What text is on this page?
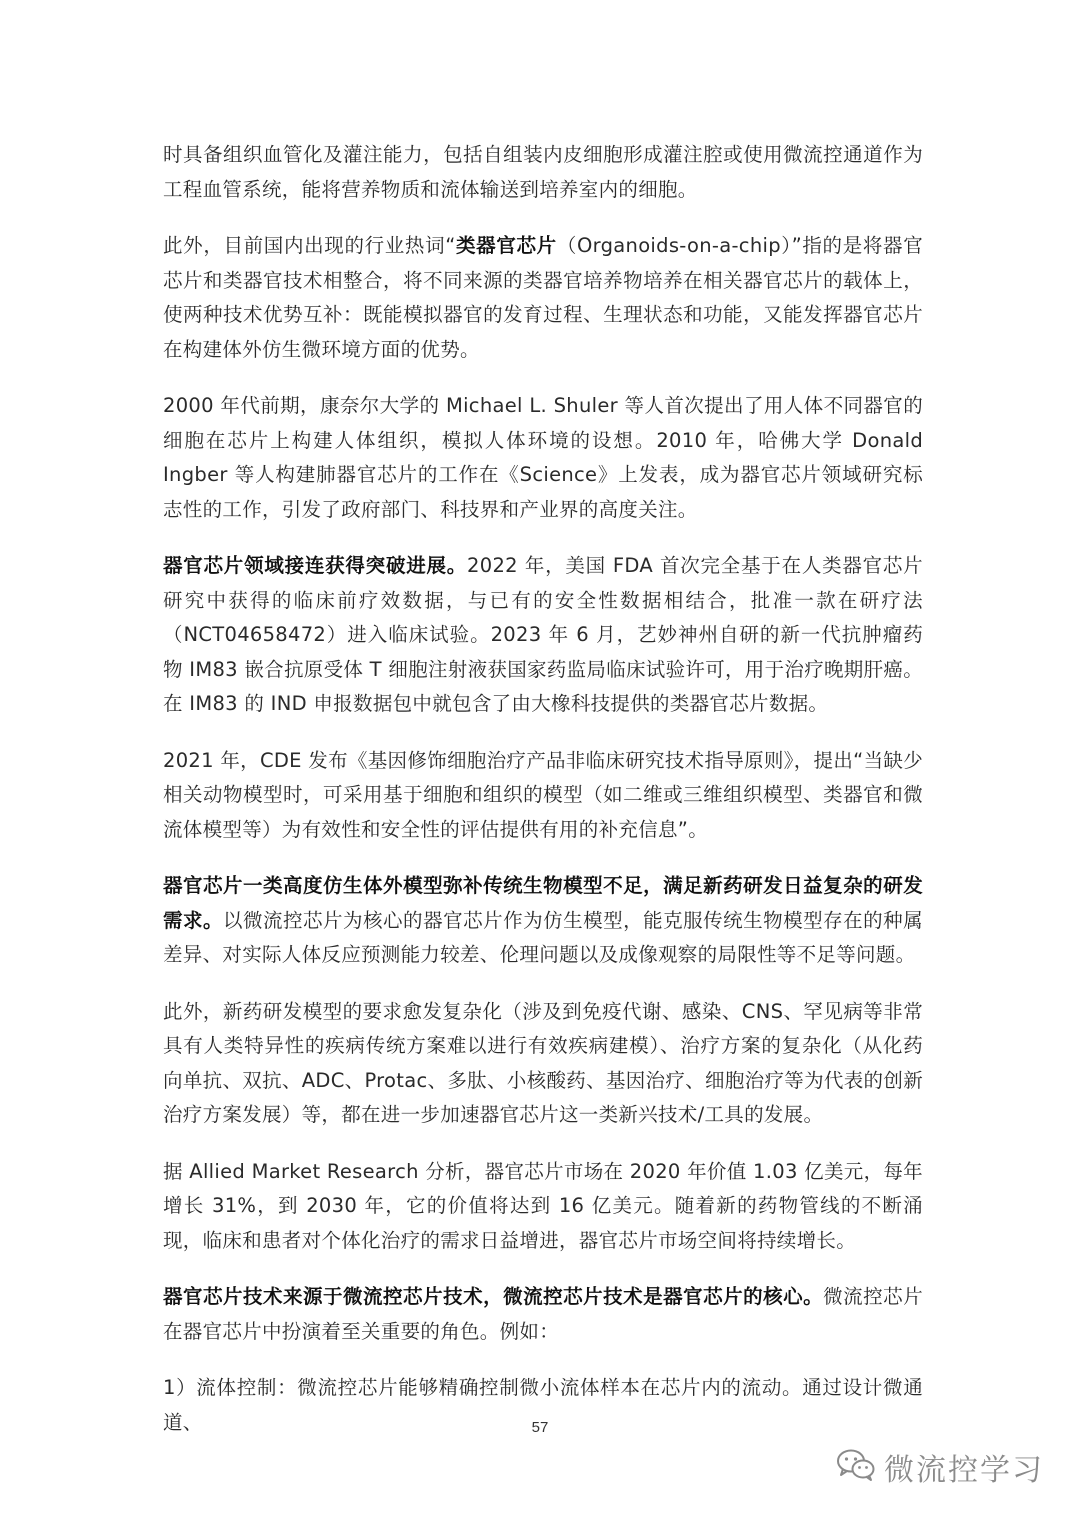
时具备组织血管化及灌注能力，包括自组装内皮细胞形成灌注腔或使用微流控通道作为工程血管系统，能将营养物质和流体输送到培养室内的细胞。

此外，目前国内出现的行业热词“类器官芯片（Organoids-on-a-chip）”指的是将器官芯片和类器官技术相整合，将不同来源的类器官培养物培养在相关器官芯片的载体上，使两种技术优势互补：既能模拟器官的发育过程、生理状态和功能，又能发挥器官芯片在构建体外仿生微环境方面的优势。

2000 年代前期，康奈尔大学的 Michael L. Shuler 等人首次提出了用人体不同器官的细胞在芯片上构建人体组织，模拟人体环境的设想。2010 年，哈佛大学 Donald Ingber 等人构建肺器官芯片的工作在《Science》上发表，成为器官芯片领域研究标志性的工作，引发了政府部门、科技界和产业界的高度关注。

器官芯片领域接连获得突破进展。2022 年，美国 FDA 首次完全基于在人类器官芯片研究中获得的临床前疗效数据，与已有的安全性数据相结合，批准一款在研疗法（NCT04658472）进入临床试验。2023 年 6 月，艺妙神州自研的新一代抗肿瘤药物 IM83 嵌合抗原受体 T 细胞注射液获国家药监局临床试验许可，用于治疗晚期肝癌。在 IM83 的 IND 申报数据包中就包含了由大橡科技提供的类器官芯片数据。

2021 年，CDE 发布《基因修饰细胞治疗产品非临床研究技术指导原则》，提出“当缺少相关动物模型时，可采用基于细胞和组织的模型（如二维或三维组织模型、类器官和微流体模型等）为有效性和安全性的评估提供有用的补充信息”。

器官芯片一类高度仿生体外模型弥补传统生物模型不足，满足新药研发日益复杂的研发需求。以微流控芯片为核心的器官芯片作为仿生模型，能克服传统生物模型存在的种属差异、对实际人体反应预测能力较差、伦理问题以及成像观察的局限性等不足等问题。

此外，新药研发模型的要求愈发复杂化（涉及到免疫代谢、感染、CNS、罕见病等非常具有人类特异性的疾病传统方案难以进行有效疾病建模）、治疗方案的复杂化（从化药向单抗、双抗、ADC、Protac、多肽、小核酸药、基因治疗、细胞治疗等为代表的创新治疗方案发展）等，都在进一步加速器官芯片这一类新兴技术/工具的发展。

据 Allied Market Research 分析，器官芯片市场在 2020 年价值 1.03 亿美元，每年增长 31%，到 2030 年，它的价值将达到 16 亿美元。随着新的药物管线的不断涌现，临床和患者对个体化治疗的需求日益增进，器官芯片市场空间将持续增长。

器官芯片技术来源于微流控芯片技术，微流控芯片技术是器官芯片的核心。微流控芯片在器官芯片中扮演着至关重要的角色。例如：

1）流体控制：微流控芯片能够精确控制微小流体样本在芯片内的流动。通过设计微通道、	57
微流控学习
